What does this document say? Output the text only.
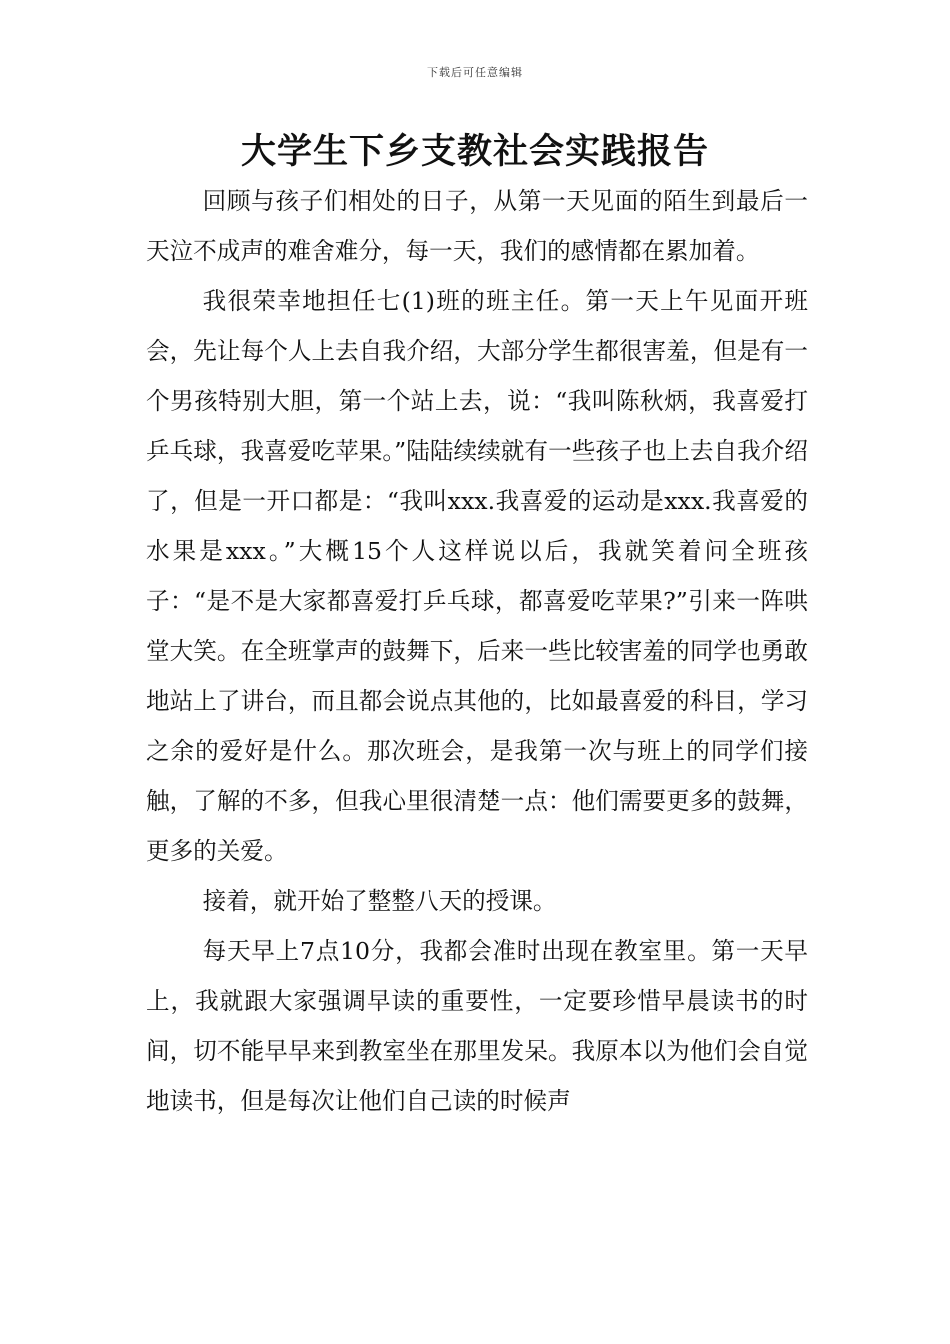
下载后可任意编辑
大学生下乡支教社会实践报告

回顾与孩子们相处的日子，从第一天见面的陌生到最后一天泣不成声的难舍难分，每一天，我们的感情都在累加着。

我很荣幸地担任七(1)班的班主任。第一天上午见面开班会，先让每个人上去自我介绍，大部分学生都很害羞，但是有一个男孩特别大胆，第一个站上去，说：“我叫陈秋炳，我喜爱打乒乓球，我喜爱吃苹果。”陆陆续续就有一些孩子也上去自我介绍了，但是一开口都是：“我叫xxx.我喜爱的运动是xxx.我喜爱的水果是xxx。”大概15个人这样说以后，我就笑着问全班孩子：“是不是大家都喜爱打乒乓球，都喜爱吃苹果?”引来一阵哄堂大笑。在全班掌声的鼓舞下，后来一些比较害羞的同学也勇敢地站上了讲台，而且都会说点其他的，比如最喜爱的科目，学习之余的爱好是什么。那次班会，是我第一次与班上的同学们接触，了解的不多，但我心里很清楚一点：他们需要更多的鼓舞，更多的关爱。

接着，就开始了整整八天的授课。

每天早上7点10分，我都会准时出现在教室里。第一天早上，我就跟大家强调早读的重要性，一定要珍惜早晨读书的时间，切不能早早来到教室坐在那里发呆。我原本以为他们会自觉地读书，但是每次让他们自己读的时候声
